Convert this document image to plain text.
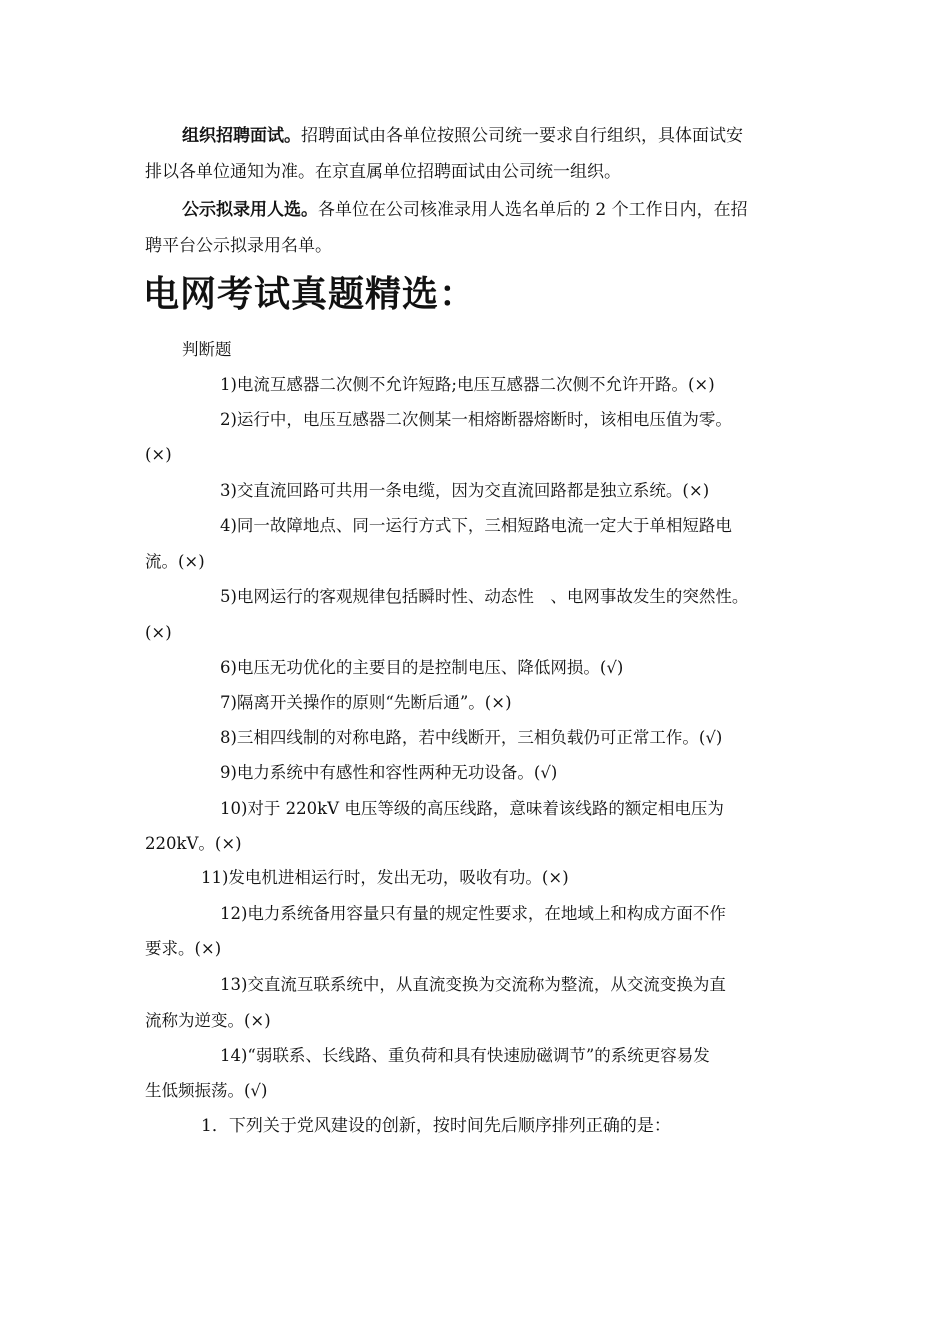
组织招聘面试。招聘面试由各单位按照公司统一要求自行组织，具体面试安

排以各单位通知为准。在京直属单位招聘面试由公司统一组织。

公示拟录用人选。各单位在公司核准录用人选名单后的 2 个工作日内，在招

聘平台公示拟录用名单。

电网考试真题精选：

判断题

1)电流互感器二次侧不允许短路;电压互感器二次侧不允许开路。(×)

2)运行中，电压互感器二次侧某一相熔断器熔断时，该相电压值为零。

(×)

3)交直流回路可共用一条电缆，因为交直流回路都是独立系统。(×)

4)同一故障地点、同一运行方式下，三相短路电流一定大于单相短路电

流。(×)

5)电网运行的客观规律包括瞬时性、动态性　、电网事故发生的突然性。

(×)

6)电压无功优化的主要目的是控制电压、降低网损。(√)

7)隔离开关操作的原则“先断后通”。(×)

8)三相四线制的对称电路，若中线断开，三相负载仍可正常工作。(√)

9)电力系统中有感性和容性两种无功设备。(√)

10)对于 220kV 电压等级的高压线路，意味着该线路的额定相电压为

220kV。(×)

11)发电机进相运行时，发出无功，吸收有功。(×)

12)电力系统备用容量只有量的规定性要求，在地域上和构成方面不作

要求。(×)

13)交直流互联系统中，从直流变换为交流称为整流，从交流变换为直

流称为逆变。(×)

14)“弱联系、长线路、重负荷和具有快速励磁调节”的系统更容易发

生低频振荡。(√)

1．下列关于党风建设的创新，按时间先后顺序排列正确的是：
